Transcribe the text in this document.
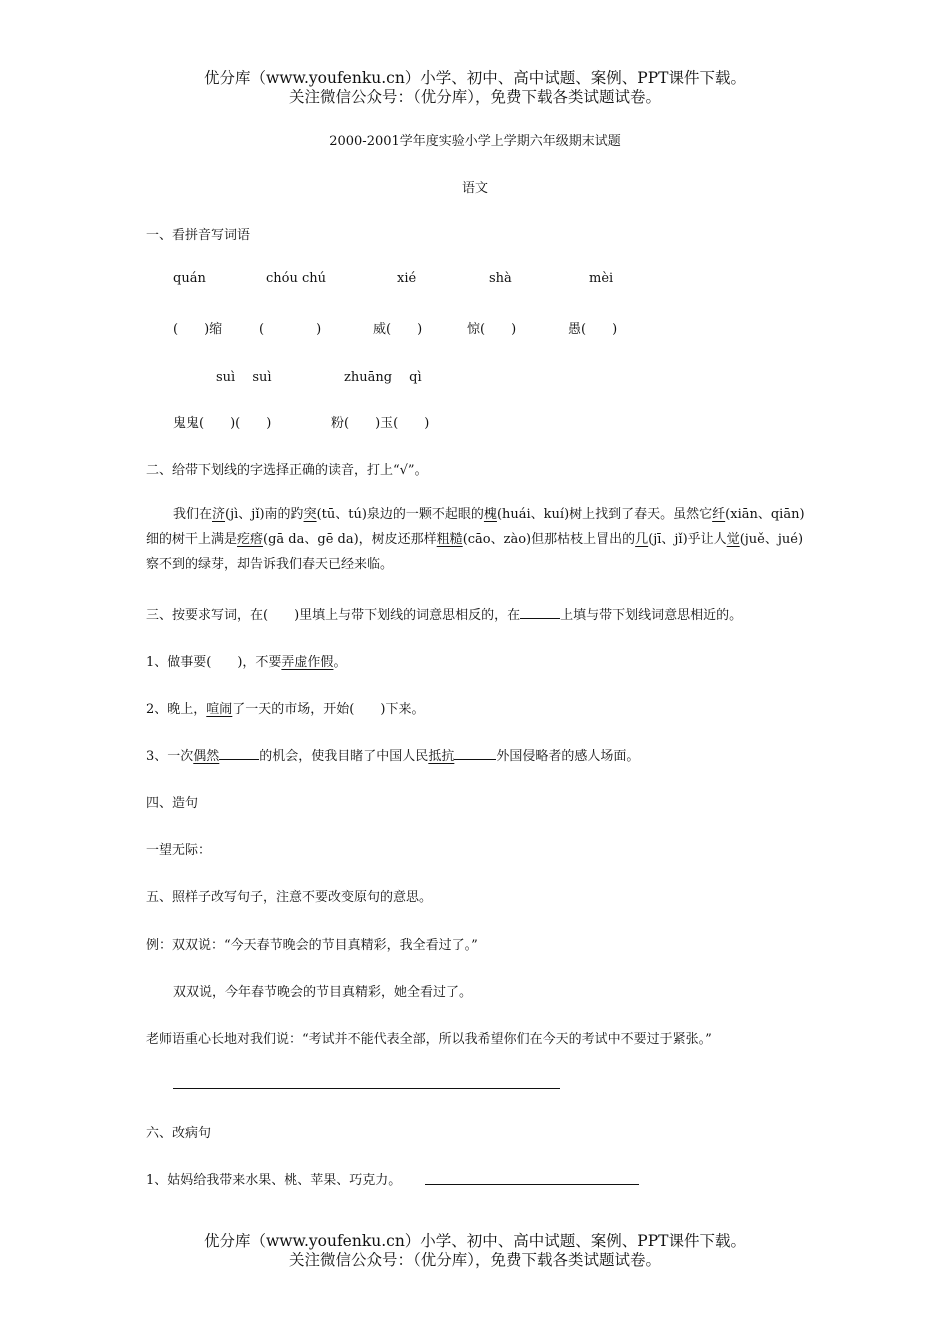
优分库（www.youfenku.cn）小学、初中、高中试题、案例、PPT课件下载。
关注微信公众号：（优分库），免费下载各类试题试卷。
2000-2001学年度实验小学上学期六年级期末试题
语文
一、看拼音写词语
quán	chóu chú	xié	shà	mèi
(　　)缩	(　　　　)	威(　　)	惊(　　)	愚(　　)
suì　 suì	zhuāng　 qì
鬼鬼(　　)(　　)	粉(　　)玉(　　)
二、给带下划线的字选择正确的读音，打上“√”。
我们在济(jì、jǐ)南的趵突(tū、tú)泉边的一颗不起眼的槐(huái、kuí)树上找到了春天。虽然它纤(xiān、qiān)细的树干上满是疙瘩(gā da、gē da)，树皮还那样粗糙(cāo、zào)但那枯枝上冒出的几(jī、jǐ)乎让人觉(juě、jué)察不到的绿芽，却告诉我们春天已经来临。
三、按要求写词，在(　　)里填上与带下划线的词意思相反的，在	上填与带下划线词意思相近的。
1、做事要(　　)，不要弄虚作假。
2、晚上，喧闹了一天的市场，开始(　　)下来。
3、一次偶然	的机会，使我目睹了中国人民抵抗	外国侵略者的感人场面。
四、造句
一望无际：
五、照样子改写句子，注意不要改变原句的意思。
例：双双说：“今天春节晚会的节目真精彩，我全看过了。”
双双说，今年春节晚会的节目真精彩，她全看过了。
老师语重心长地对我们说：“考试并不能代表全部，所以我希望你们在今天的考试中不要过于紧张。”
六、改病句
1、姑妈给我带来水果、桃、苹果、巧克力。
优分库（www.youfenku.cn）小学、初中、高中试题、案例、PPT课件下载。
关注微信公众号：（优分库），免费下载各类试题试卷。
